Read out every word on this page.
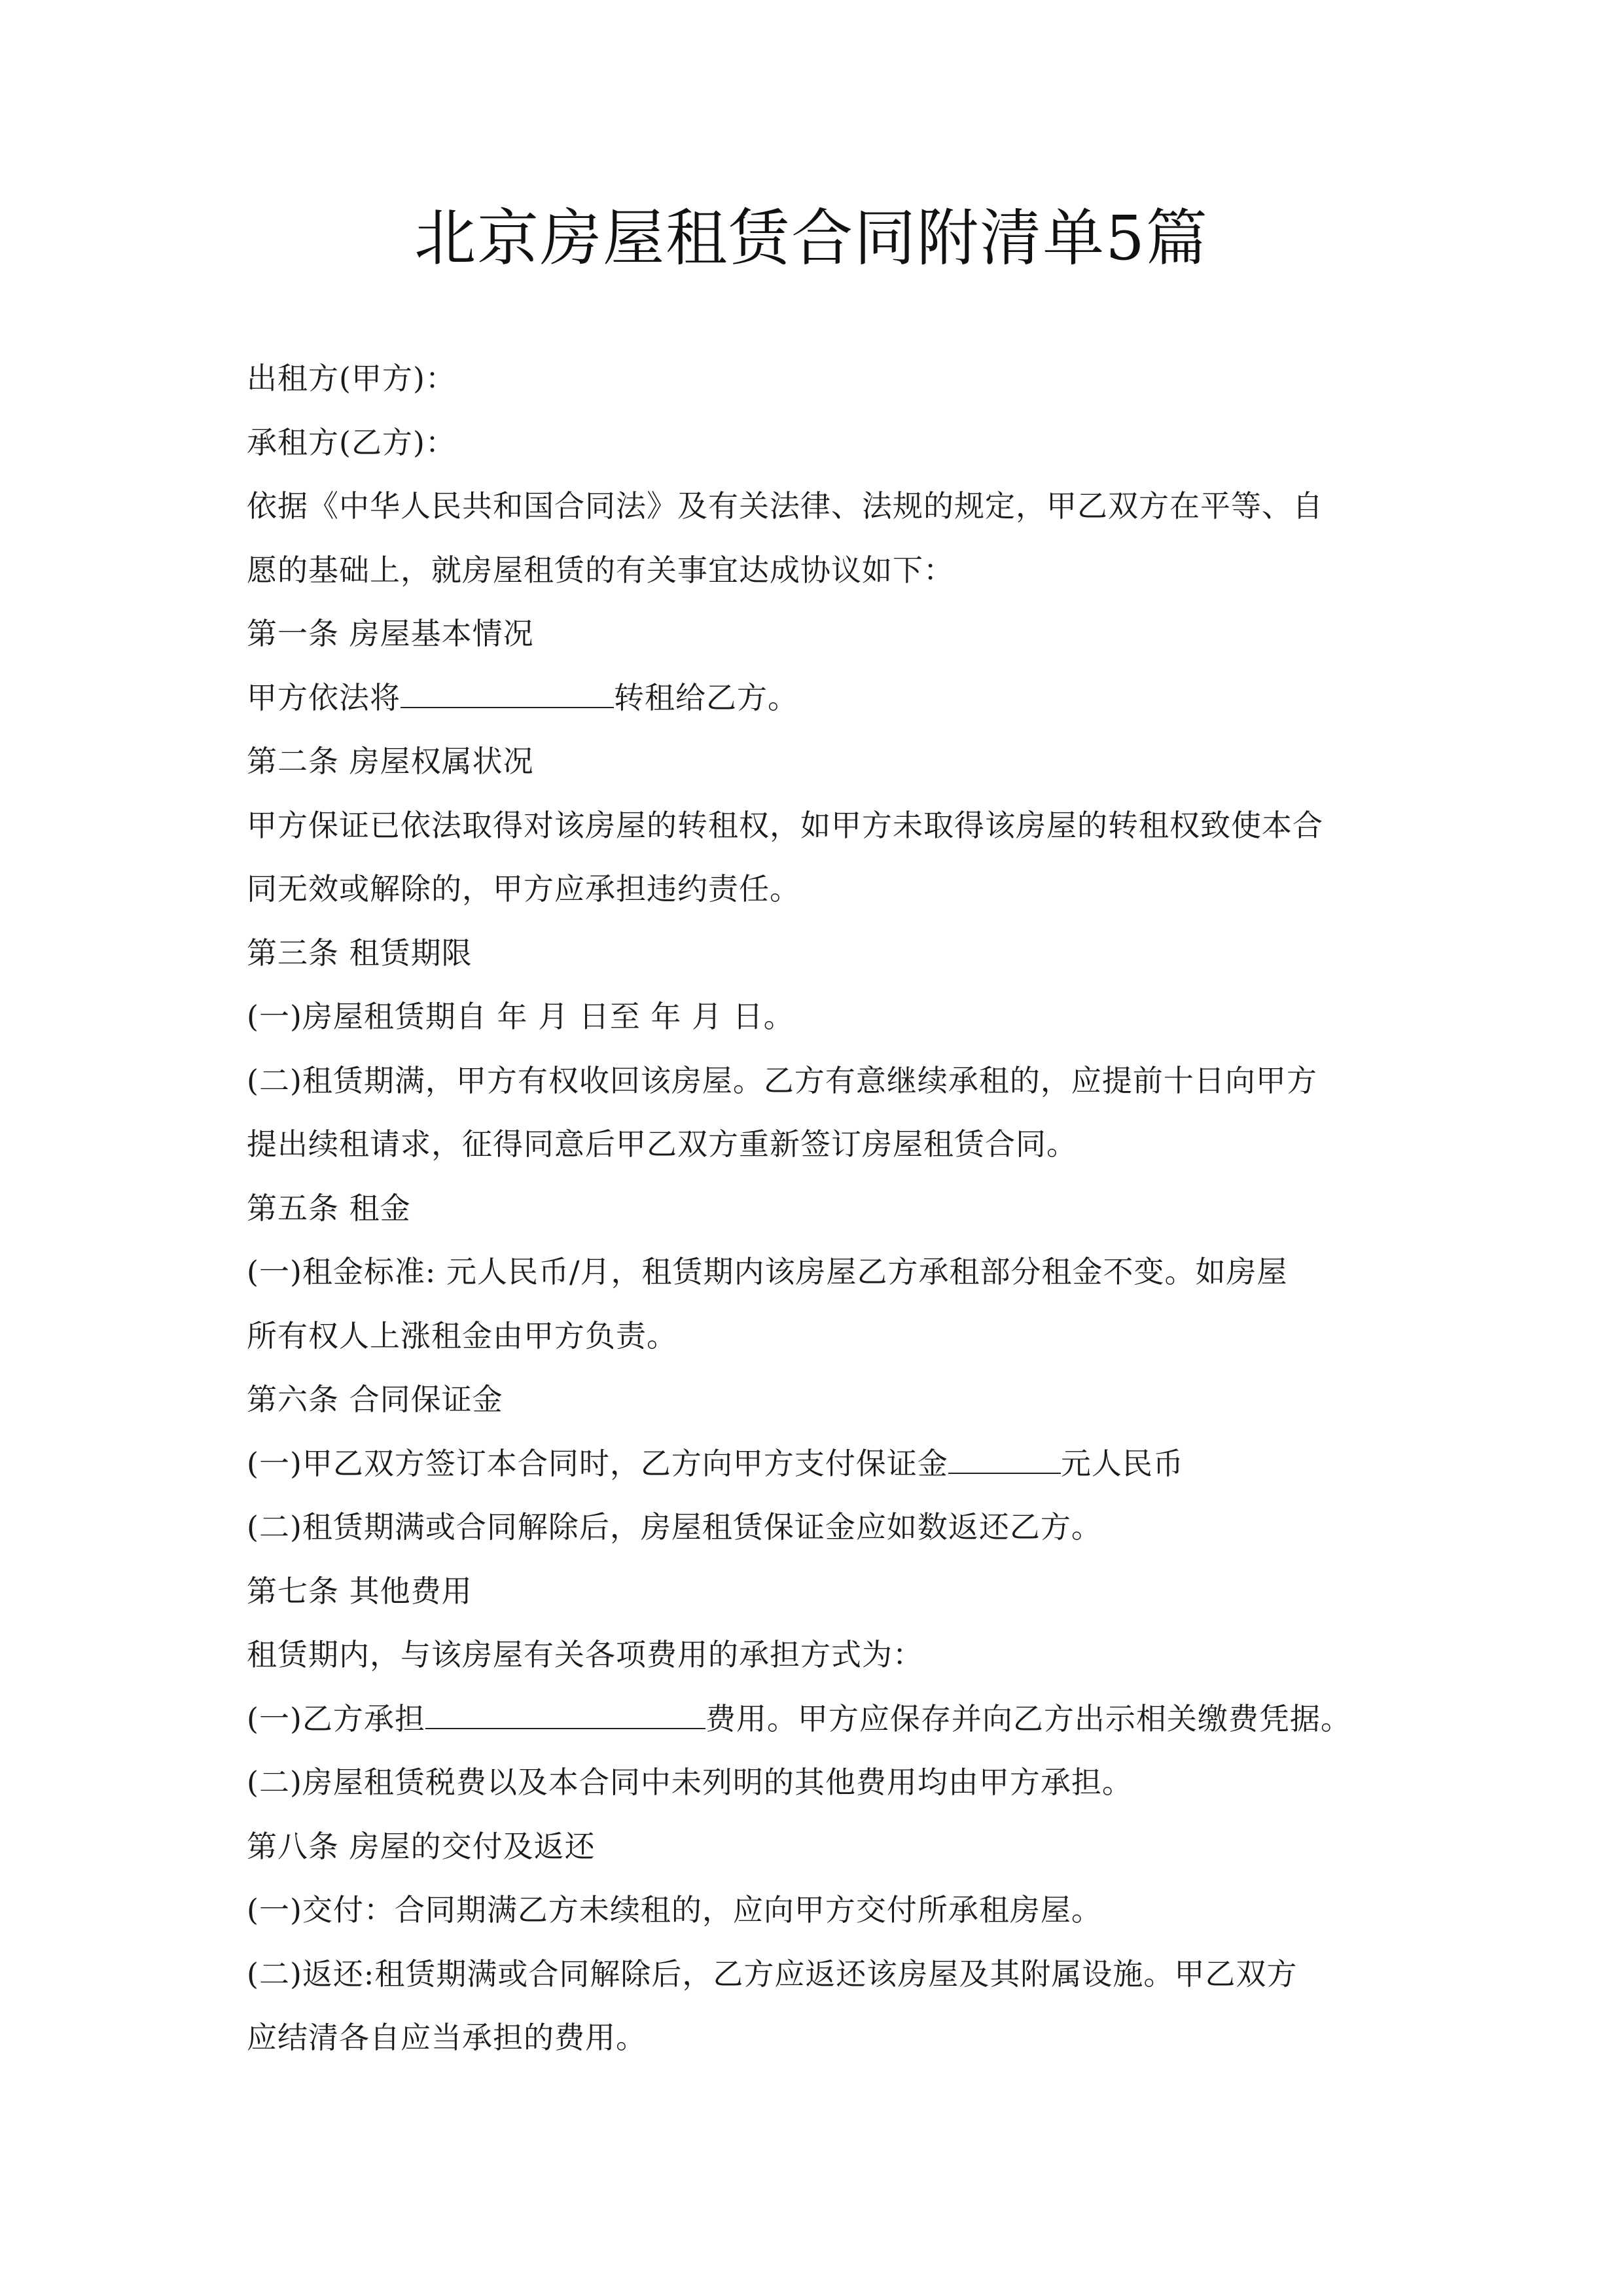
北京房屋租赁合同附清单5篇
出租方(甲方)：
承租方(乙方)：
依据《中华人民共和国合同法》及有关法律、法规的规定，甲乙双方在平等、自
愿的基础上，就房屋租赁的有关事宜达成协议如下：
第一条 房屋基本情况
甲方依法将	转租给乙方。
第二条 房屋权属状况
甲方保证已依法取得对该房屋的转租权，如甲方未取得该房屋的转租权致使本合
同无效或解除的，甲方应承担违约责任。
第三条 租赁期限
(一)房屋租赁期自 年 月 日至 年 月 日。
(二)租赁期满，甲方有权收回该房屋。乙方有意继续承租的，应提前十日向甲方
提出续租请求，征得同意后甲乙双方重新签订房屋租赁合同。
第五条 租金
(一)租金标准: 元人民币/月，租赁期内该房屋乙方承租部分租金不变。如房屋
所有权人上涨租金由甲方负责。
第六条 合同保证金
(一)甲乙双方签订本合同时，乙方向甲方支付保证金	元人民币
(二)租赁期满或合同解除后，房屋租赁保证金应如数返还乙方。
第七条 其他费用
租赁期内，与该房屋有关各项费用的承担方式为：
(一)乙方承担	费用。甲方应保存并向乙方出示相关缴费凭据。
(二)房屋租赁税费以及本合同中未列明的其他费用均由甲方承担。
第八条 房屋的交付及返还
(一)交付：合同期满乙方未续租的，应向甲方交付所承租房屋。
(二)返还:租赁期满或合同解除后，乙方应返还该房屋及其附属设施。甲乙双方
应结清各自应当承担的费用。
